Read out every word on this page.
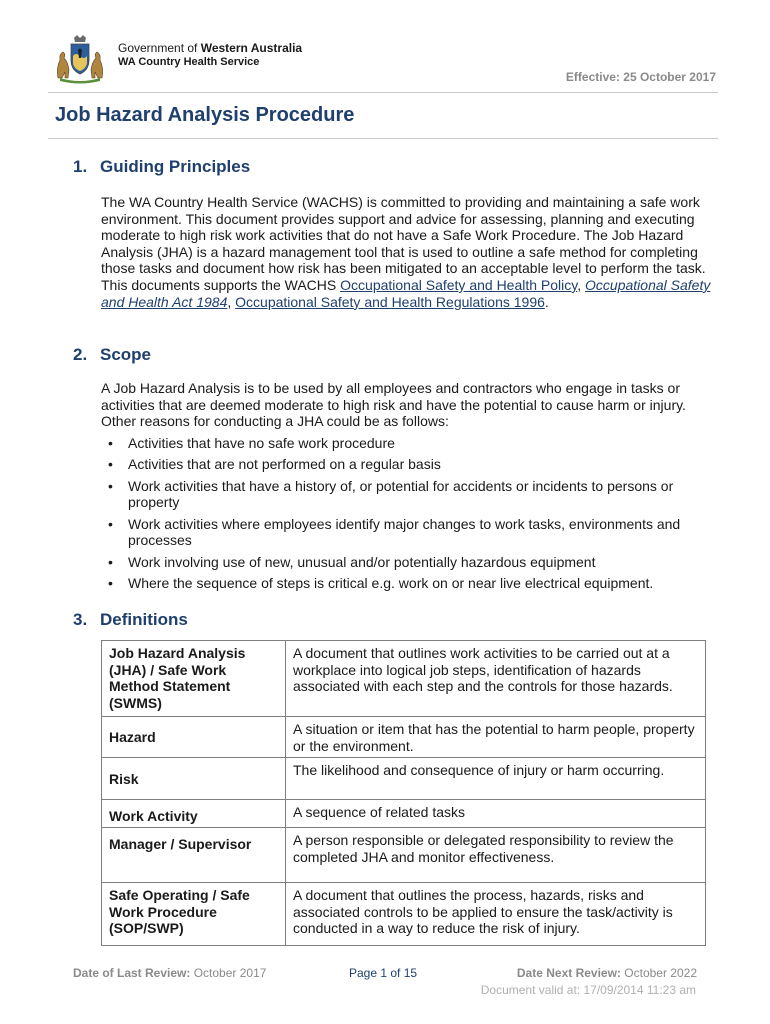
Government of Western Australia
WA Country Health Service
Effective: 25 October 2017
Job Hazard Analysis Procedure
1. Guiding Principles

The WA Country Health Service (WACHS) is committed to providing and maintaining a safe work environment. This document provides support and advice for assessing, planning and executing moderate to high risk work activities that do not have a Safe Work Procedure. The Job Hazard Analysis (JHA) is a hazard management tool that is used to outline a safe method for completing those tasks and document how risk has been mitigated to an acceptable level to perform the task. This documents supports the WACHS Occupational Safety and Health Policy, Occupational Safety and Health Act 1984, Occupational Safety and Health Regulations 1996.

2. Scope

A Job Hazard Analysis is to be used by all employees and contractors who engage in tasks or activities that are deemed moderate to high risk and have the potential to cause harm or injury. Other reasons for conducting a JHA could be as follows:

• Activities that have no safe work procedure
• Activities that are not performed on a regular basis
• Work activities that have a history of, or potential for accidents or incidents to persons or property
• Work activities where employees identify major changes to work tasks, environments and processes
• Work involving use of new, unusual and/or potentially hazardous equipment
• Where the sequence of steps is critical e.g. work on or near live electrical equipment.
3. Definitions
Job Hazard Analysis (JHA) / Safe Work Method Statement (SWMS)	A document that outlines work activities to be carried out at a workplace into logical job steps, identification of hazards associated with each step and the controls for those hazards.
Hazard	A situation or item that has the potential to harm people, property or the environment.
Risk	The likelihood and consequence of injury or harm occurring.
Work Activity	A sequence of related tasks
Manager / Supervisor	A person responsible or delegated responsibility to review the completed JHA and monitor effectiveness.
Safe Operating / Safe Work Procedure (SOP/SWP)	A document that outlines the process, hazards, risks and associated controls to be applied to ensure the task/activity is conducted in a way to reduce the risk of injury.
Date of Last Review: October 2017	Page 1 of 15	Date Next Review: October 2022
Document valid at: 17/09/2014 11:23 am
